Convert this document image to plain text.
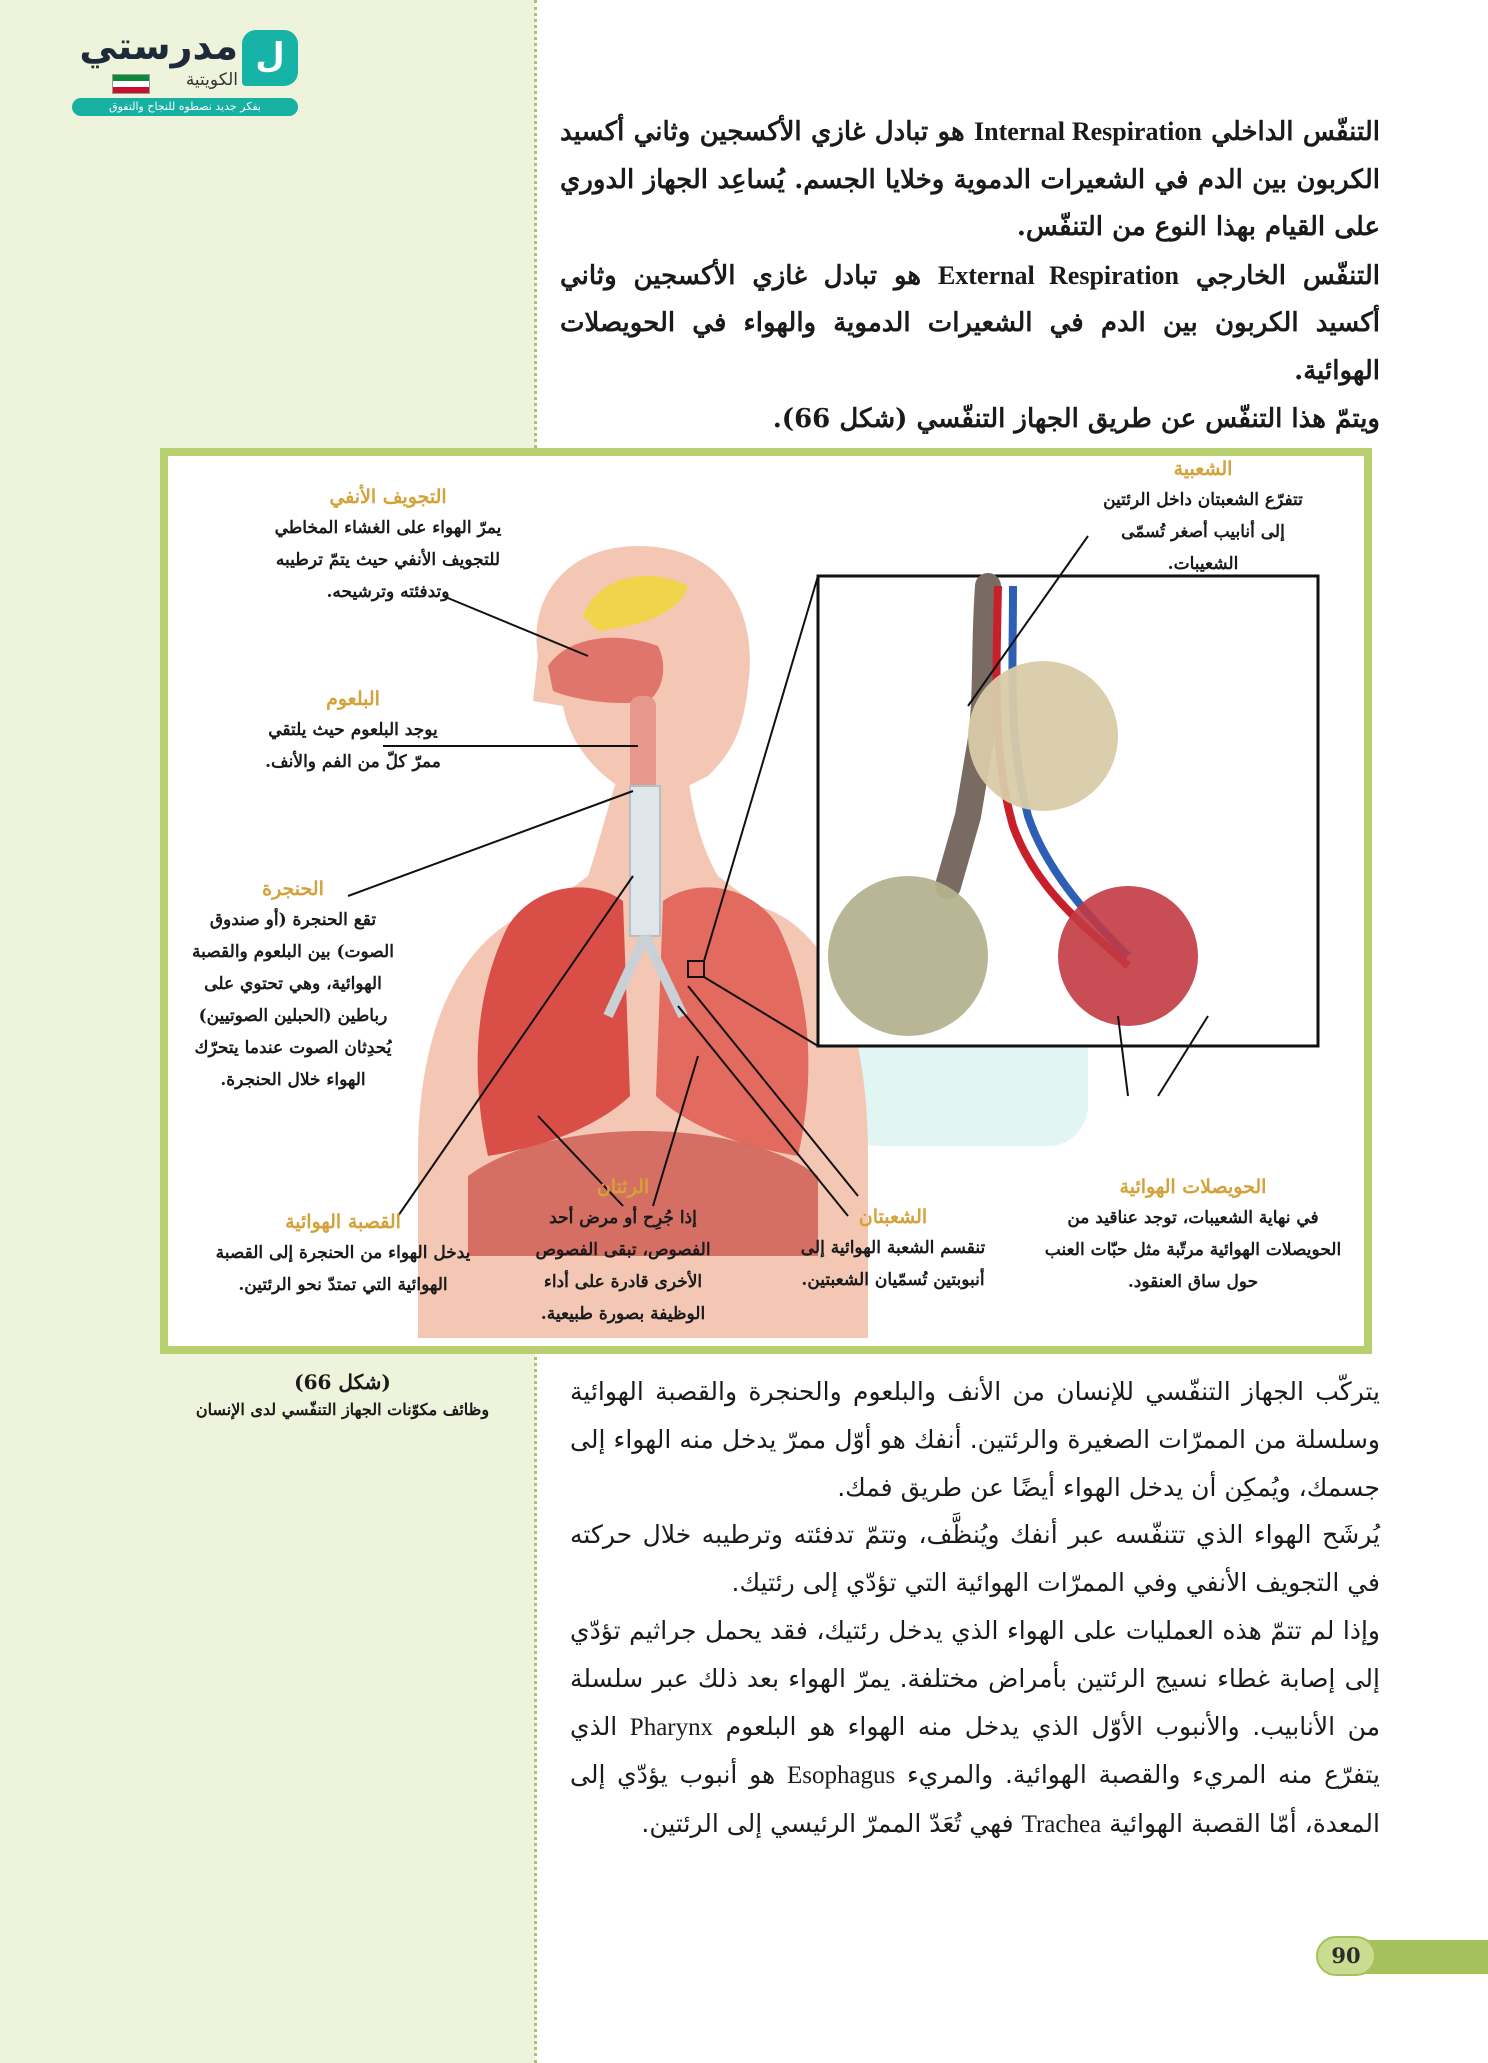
ل
مدرستي
الكويتية
بفكر جديد نصطوه للنجاح والتفوق

التنفّس الداخلي Internal Respiration هو تبادل غازي الأكسجين وثاني أكسيد الكربون بين الدم في الشعيرات الدموية وخلايا الجسم. يُساعِد الجهاز الدوري على القيام بهذا النوع من التنفّس.

التنفّس الخارجي External Respiration هو تبادل غازي الأكسجين وثاني أكسيد الكربون بين الدم في الشعيرات الدموية والهواء في الحويصلات الهوائية.

ويتمّ هذا التنفّس عن طريق الجهاز التنفّسي (شكل 66).

التجويف الأنفي
يمرّ الهواء على الغشاء المخاطي للتجويف الأنفي حيث يتمّ ترطيبه وتدفئته وترشيحه.
البلعوم
يوجد البلعوم حيث يلتقي ممرّ كلّ من الفم والأنف.
الحنجرة
تقع الحنجرة (أو صندوق الصوت) بين البلعوم والقصبة الهوائية، وهي تحتوي على رباطين (الحبلين الصوتيين) يُحدِثان الصوت عندما يتحرّك الهواء خلال الحنجرة.
القصبة الهوائية
يدخل الهواء من الحنجرة إلى القصبة الهوائية التي تمتدّ نحو الرئتين.
الرئتان
إذا جُرِح أو مرض أحد الفصوص، تبقى الفصوص الأخرى قادرة على أداء الوظيفة بصورة طبيعية.
الشعبتان
تنقسم الشعبة الهوائية إلى أنبوبتين تُسمّيان الشعبتين.
الشعبية
تتفرّع الشعبتان داخل الرئتين إلى أنابيب أصغر تُسمّى الشعيبات.
الحويصلات الهوائية
في نهاية الشعيبات، توجد عناقيد من الحويصلات الهوائية مرتّبة مثل حبّات العنب حول ساق العنقود.
(شكل 66)
وظائف مكوّنات الجهاز التنفّسي لدى الإنسان

يتركّب الجهاز التنفّسي للإنسان من الأنف والبلعوم والحنجرة والقصبة الهوائية وسلسلة من الممرّات الصغيرة والرئتين. أنفك هو أوّل ممرّ يدخل منه الهواء إلى جسمك، ويُمكِن أن يدخل الهواء أيضًا عن طريق فمك.

يُرشَح الهواء الذي تتنفّسه عبر أنفك ويُنظَّف، وتتمّ تدفئته وترطيبه خلال حركته في التجويف الأنفي وفي الممرّات الهوائية التي تؤدّي إلى رئتيك.

وإذا لم تتمّ هذه العمليات على الهواء الذي يدخل رئتيك، فقد يحمل جراثيم تؤدّي إلى إصابة غطاء نسيج الرئتين بأمراض مختلفة. يمرّ الهواء بعد ذلك عبر سلسلة من الأنابيب. والأنبوب الأوّل الذي يدخل منه الهواء هو البلعوم Pharynx الذي يتفرّع منه المريء والقصبة الهوائية. والمريء Esophagus هو أنبوب يؤدّي إلى المعدة، أمّا القصبة الهوائية Trachea فهي تُعَدّ الممرّ الرئيسي إلى الرئتين.

90
